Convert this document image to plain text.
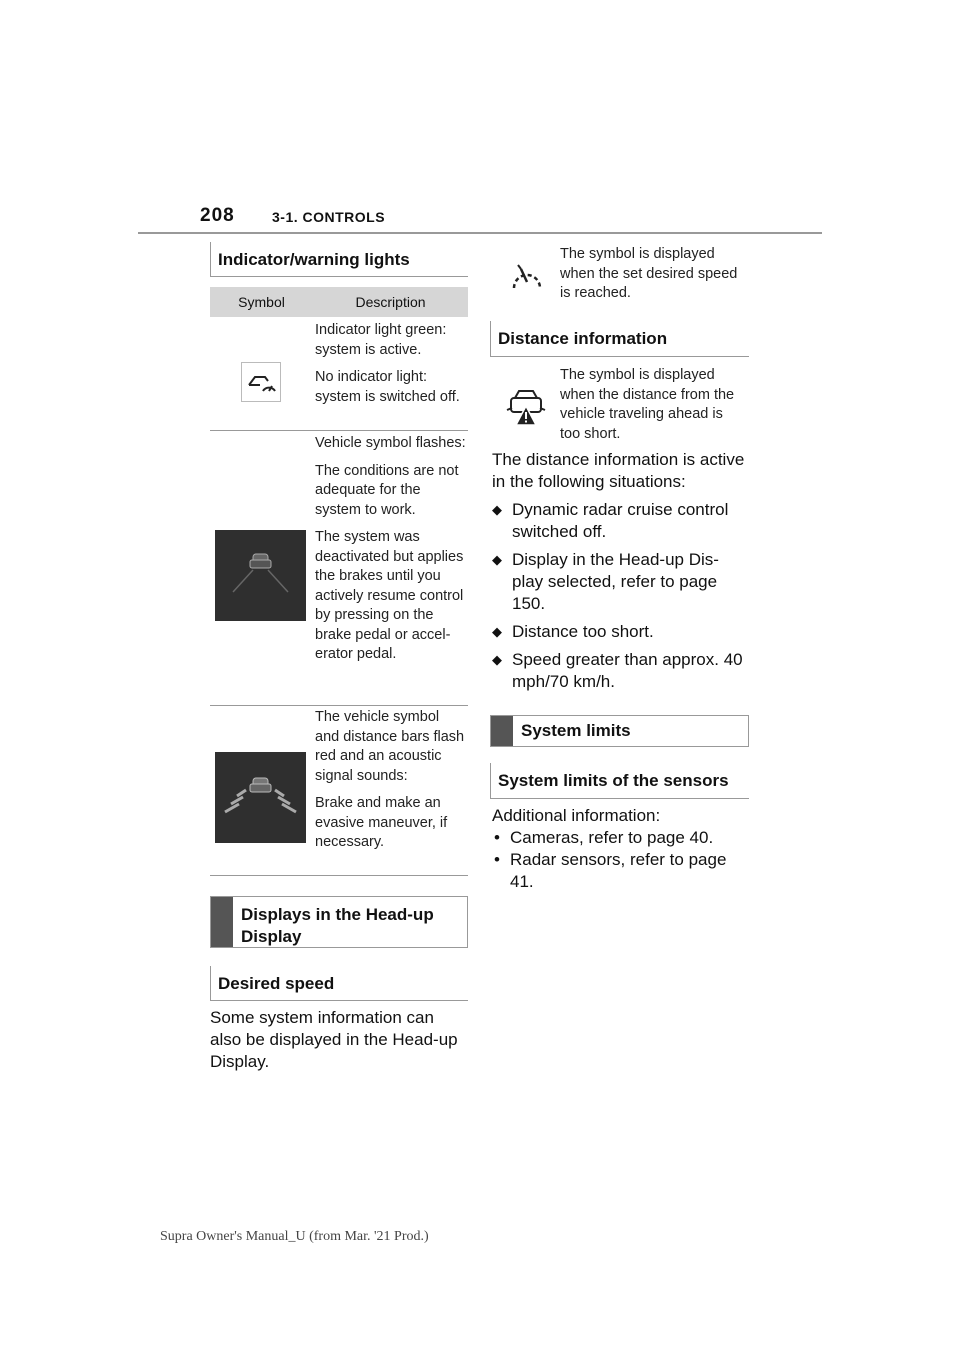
208	3-1. CONTROLS
Indicator/warning lights
Symbol	Description

Indicator light green: system is active.

No indicator light: system is switched off.

Vehicle symbol flashes:

The conditions are not adequate for the system to work.

The system was deactivated but applies the brakes until you actively resume control by pressing on the brake pedal or accel-erator pedal.

The vehicle symbol and distance bars flash red and an acoustic signal sounds:

Brake and make an evasive maneuver, if necessary.

Displays in the Head-up
Display
Desired speed
Some system information can also be displayed in the Head-up Display.
The symbol is displayed when the set desired speed is reached.
Distance information
The symbol is displayed when the distance from the vehicle traveling ahead is too short.
The distance information is active in the following situations:
◆ Dynamic radar cruise control switched off.
◆ Display in the Head-up Dis-play selected, refer to page 150.
◆ Distance too short.
◆ Speed greater than approx. 40 mph/70 km/h.
System limits
System limits of the sensors
Additional information:
• Cameras, refer to page 40.
• Radar sensors, refer to page 41.
Supra Owner's Manual_U (from Mar. '21 Prod.)
